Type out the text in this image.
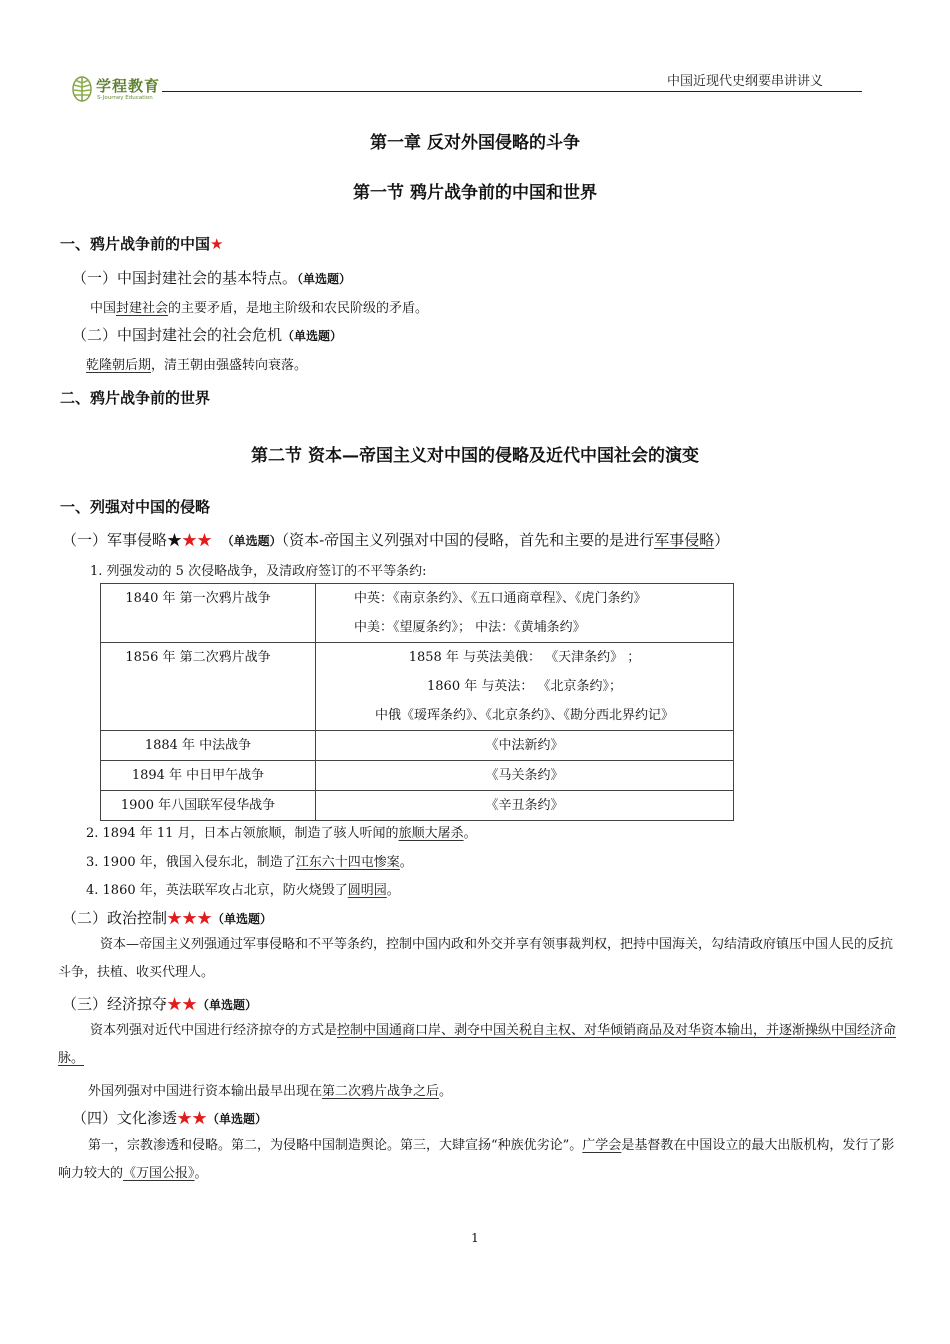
学程教育
S-Journey Education
中国近现代史纲要串讲讲义
第一章 反对外国侵略的斗争
第一节 鸦片战争前的中国和世界
一、鸦片战争前的中国★
（一）中国封建社会的基本特点。（单选题）
中国封建社会的主要矛盾，是地主阶级和农民阶级的矛盾。
（二）中国封建社会的社会危机（单选题）
乾隆朝后期，清王朝由强盛转向衰落。
二、鸦片战争前的世界
第二节 资本—帝国主义对中国的侵略及近代中国社会的演变
一、列强对中国的侵略
（一）军事侵略★★★ （单选题）（资本-帝国主义列强对中国的侵略，首先和主要的是进行军事侵略）
1. 列强发动的 5 次侵略战争，及清政府签订的不平等条约:
1840 年 第一次鸦片战争	中英：《南京条约》、《五口通商章程》、《虎门条约》
中美：《望厦条约》； 中法：《黄埔条约》

1856 年 第二次鸦片战争	1858 年 与英法美俄： 《天津条约》 ；
1860 年 与英法： 《北京条约》；
中俄《瑷珲条约》、《北京条约》、《勘分西北界约记》

1884 年 中法战争	《中法新约》

1894 年 中日甲午战争	《马关条约》

1900 年八国联军侵华战争	《辛丑条约》
2. 1894 年 11 月，日本占领旅顺，制造了骇人听闻的旅顺大屠杀。
3. 1900 年，俄国入侵东北，制造了江东六十四屯惨案。
4. 1860 年，英法联军攻占北京，防火烧毁了圆明园。
（二）政治控制★★★（单选题）
资本—帝国主义列强通过军事侵略和不平等条约，控制中国内政和外交并享有领事裁判权，把持中国海关，勾结清政府镇压中国人民的反抗斗争，扶植、收买代理人。
（三）经济掠夺★★（单选题）
资本列强对近代中国进行经济掠夺的方式是控制中国通商口岸、剥夺中国关税自主权、对华倾销商品及对华资本输出，并逐渐操纵中国经济命脉。
外国列强对中国进行资本输出最早出现在第二次鸦片战争之后。
（四）文化渗透★★（单选题）
第一，宗教渗透和侵略。第二，为侵略中国制造舆论。第三，大肆宣扬“种族优劣论”。广学会是基督教在中国设立的最大出版机构，发行了影响力较大的《万国公报》。
1
